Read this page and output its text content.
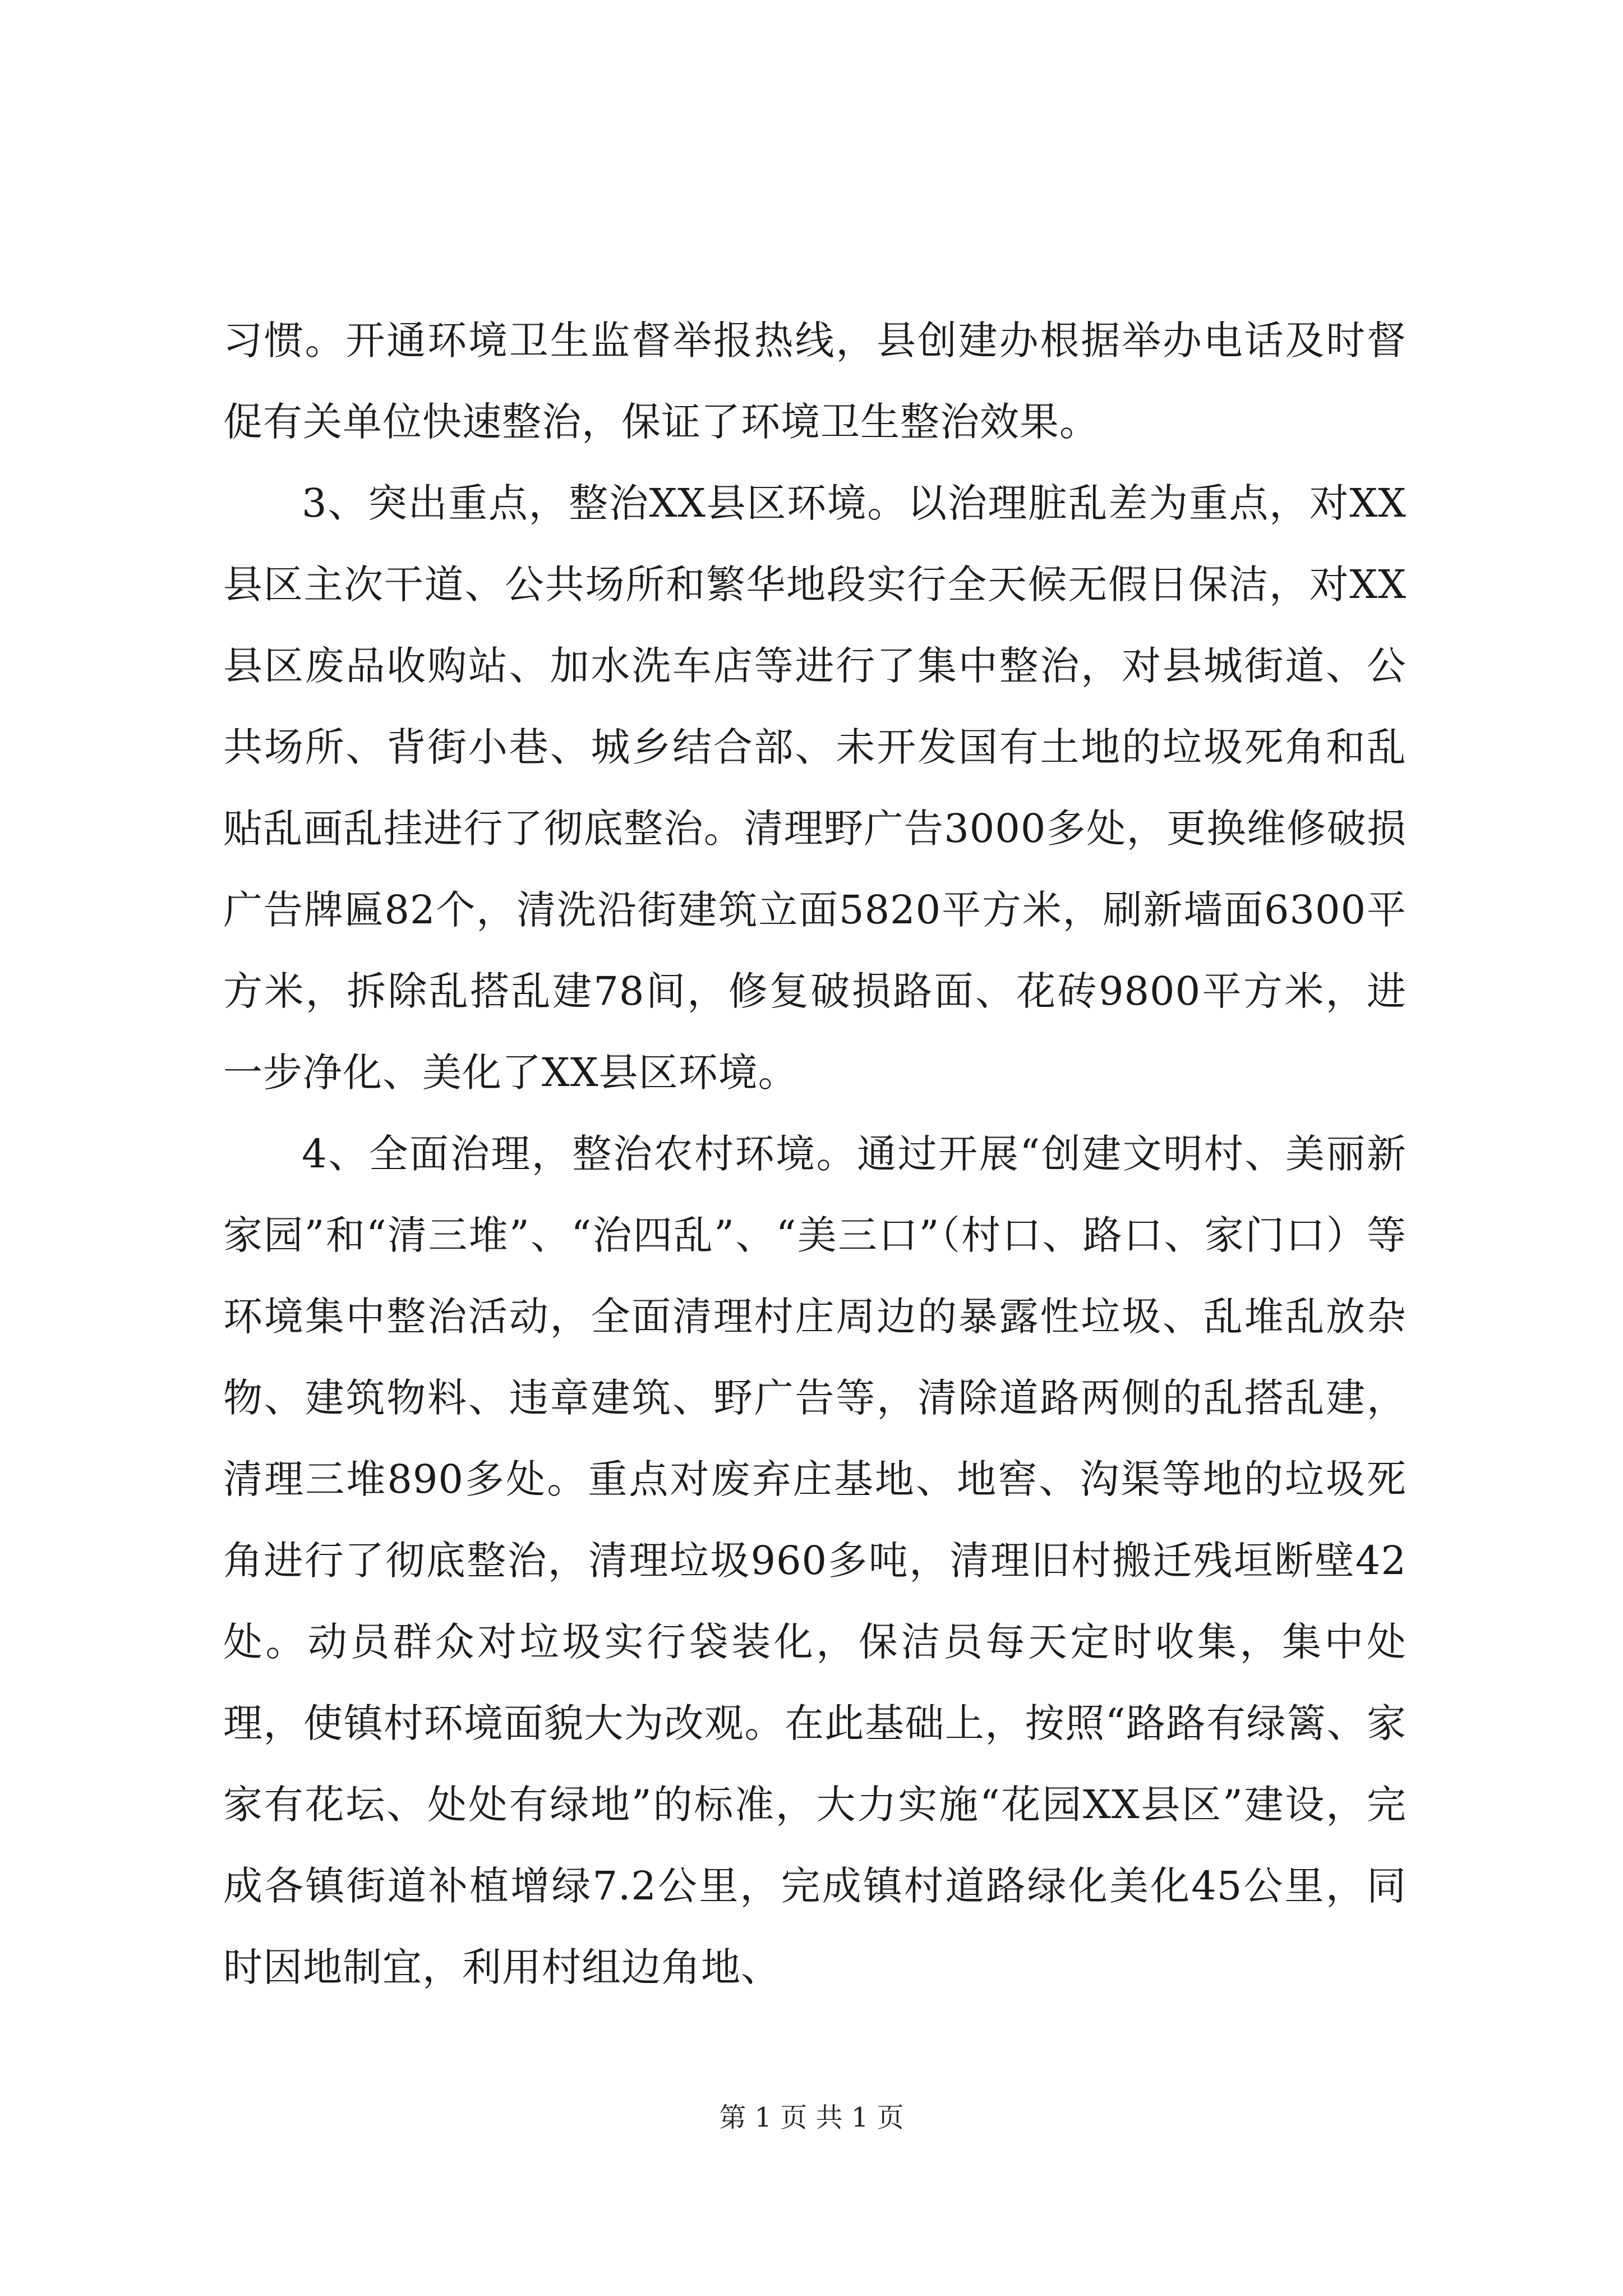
习惯。开通环境卫生监督举报热线，县创建办根据举办电话及时督促有关单位快速整治，保证了环境卫生整治效果。

3、突出重点，整治XX县区环境。以治理脏乱差为重点，对XX县区主次干道、公共场所和繁华地段实行全天候无假日保洁，对XX县区废品收购站、加水洗车店等进行了集中整治，对县城街道、公共场所、背街小巷、城乡结合部、未开发国有土地的垃圾死角和乱贴乱画乱挂进行了彻底整治。清理野广告3000多处，更换维修破损广告牌匾82个，清洗沿街建筑立面5820平方米，刷新墙面6300平方米，拆除乱搭乱建78间，修复破损路面、花砖9800平方米，进一步净化、美化了XX县区环境。

4、全面治理，整治农村环境。通过开展“创建文明村、美丽新家园”和“清三堆”、“治四乱”、“美三口”（村口、路口、家门口）等环境集中整治活动，全面清理村庄周边的暴露性垃圾、乱堆乱放杂物、建筑物料、违章建筑、野广告等，清除道路两侧的乱搭乱建，清理三堆890多处。重点对废弃庄基地、地窖、沟渠等地的垃圾死角进行了彻底整治，清理垃圾960多吨，清理旧村搬迁残垣断壁42处。动员群众对垃圾实行袋装化，保洁员每天定时收集，集中处理，使镇村环境面貌大为改观。在此基础上，按照“路路有绿篱、家家有花坛、处处有绿地”的标准，大力实施“花园XX县区”建设，完成各镇街道补植增绿7.2公里，完成镇村道路绿化美化45公里，同时因地制宜，利用村组边角地、

第 1 页 共 1 页
